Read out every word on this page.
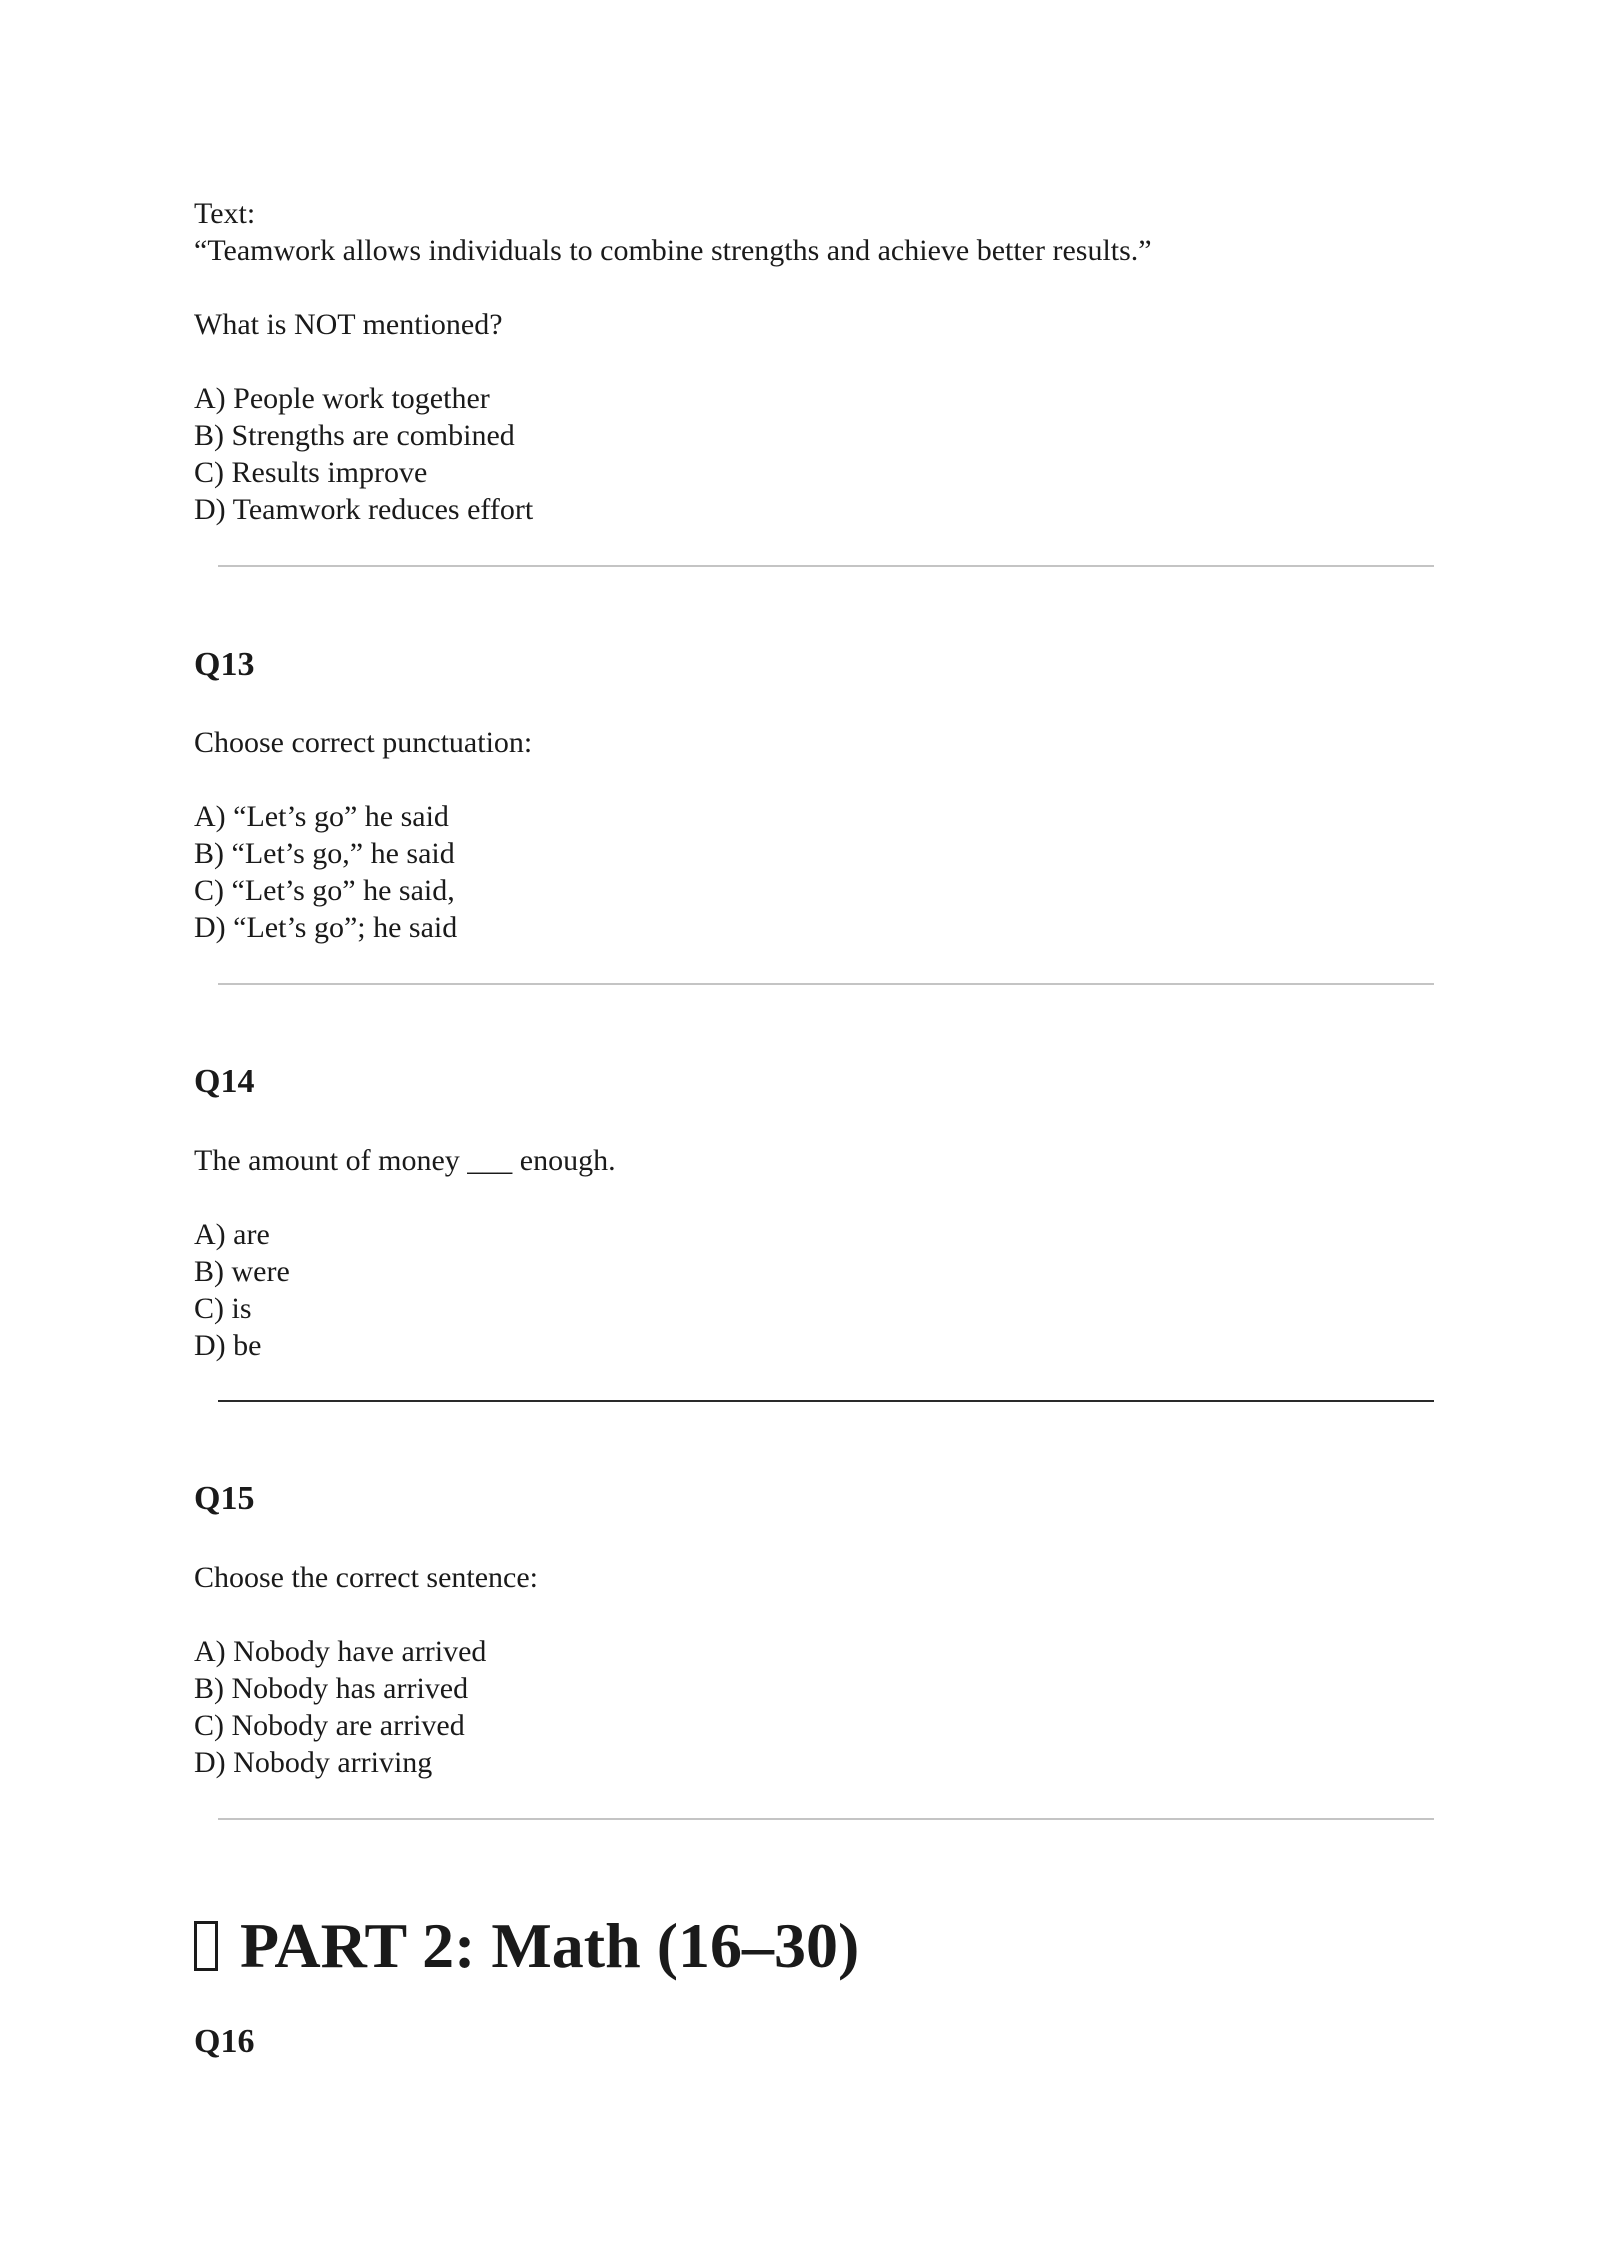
Text:
“Teamwork allows individuals to combine strengths and achieve better results.”
What is NOT mentioned?
A) People work together
B) Strengths are combined
C) Results improve
D) Teamwork reduces effort
Q13
Choose correct punctuation:
A) “Let’s go” he said
B) “Let’s go,” he said
C) “Let’s go” he said,
D) “Let’s go”; he said
Q14
The amount of money ___ enough.
A) are
B) were
C) is
D) be
Q15
Choose the correct sentence:
A) Nobody have arrived
B) Nobody has arrived
C) Nobody are arrived
D) Nobody arriving
PART 2: Math (16–30)
Q16
